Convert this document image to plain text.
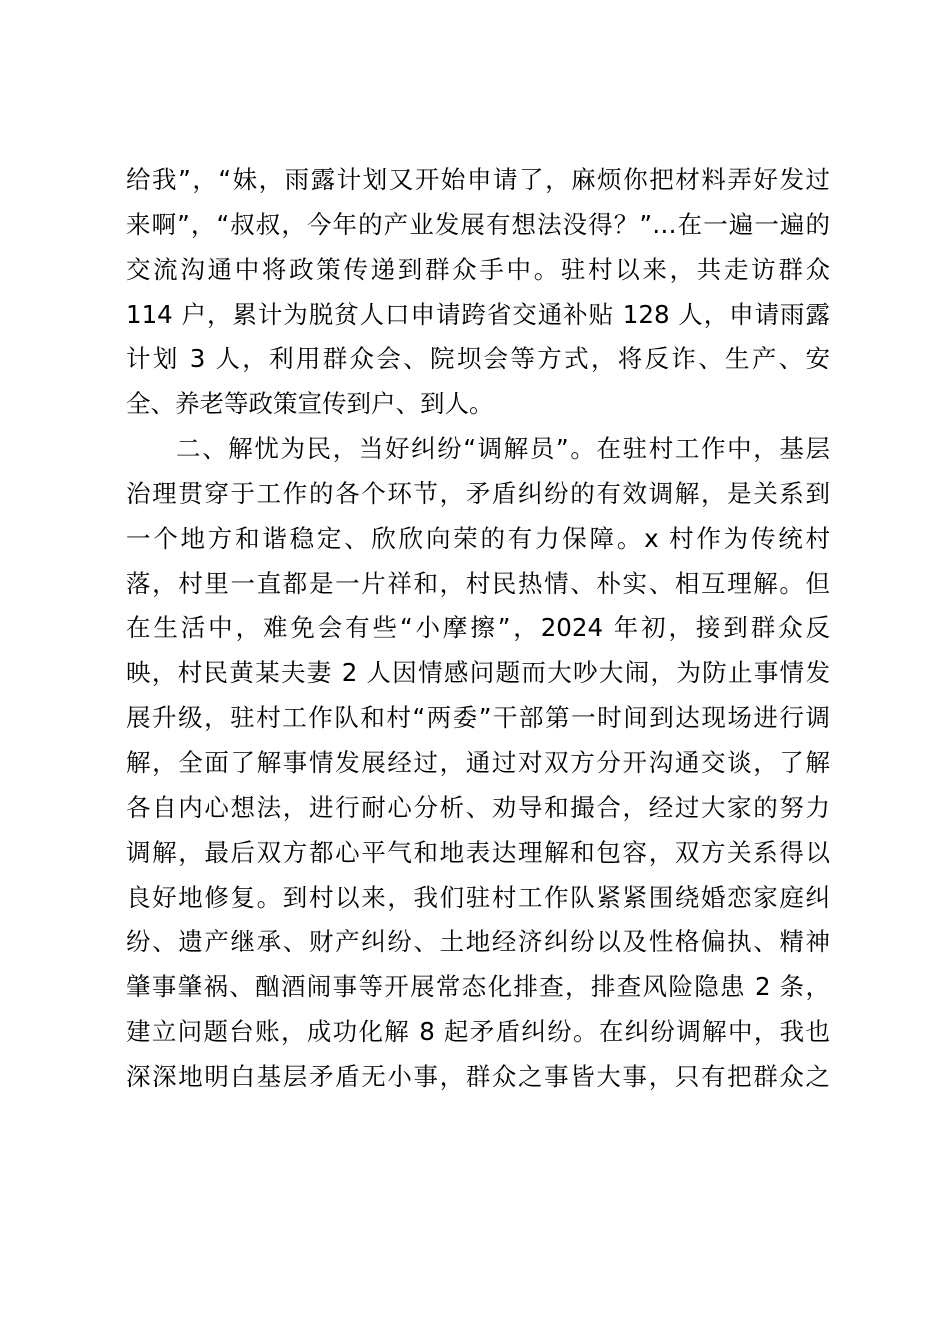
给我”，“妹，雨露计划又开始申请了，麻烦你把材料弄好发过
来啊”，“叔叔，今年的产业发展有想法没得？”…在一遍一遍的
交流沟通中将政策传递到群众手中。驻村以来，共走访群众
114 户，累计为脱贫人口申请跨省交通补贴 128 人，申请雨露
计划 3 人，利用群众会、院坝会等方式，将反诈、生产、安
全、养老等政策宣传到户、到人。
二、解忧为民，当好纠纷“调解员”。在驻村工作中，基层
治理贯穿于工作的各个环节，矛盾纠纷的有效调解，是关系到
一个地方和谐稳定、欣欣向荣的有力保障。x 村作为传统村
落，村里一直都是一片祥和，村民热情、朴实、相互理解。但
在生活中，难免会有些“小摩擦”，2024 年初，接到群众反
映，村民黄某夫妻 2 人因情感问题而大吵大闹，为防止事情发
展升级，驻村工作队和村“两委”干部第一时间到达现场进行调
解，全面了解事情发展经过，通过对双方分开沟通交谈，了解
各自内心想法，进行耐心分析、劝导和撮合，经过大家的努力
调解，最后双方都心平气和地表达理解和包容，双方关系得以
良好地修复。到村以来，我们驻村工作队紧紧围绕婚恋家庭纠
纷、遗产继承、财产纠纷、土地经济纠纷以及性格偏执、精神
肇事肇祸、酗酒闹事等开展常态化排查，排查风险隐患 2 条，
建立问题台账，成功化解 8 起矛盾纠纷。在纠纷调解中，我也
深深地明白基层矛盾无小事，群众之事皆大事，只有把群众之
